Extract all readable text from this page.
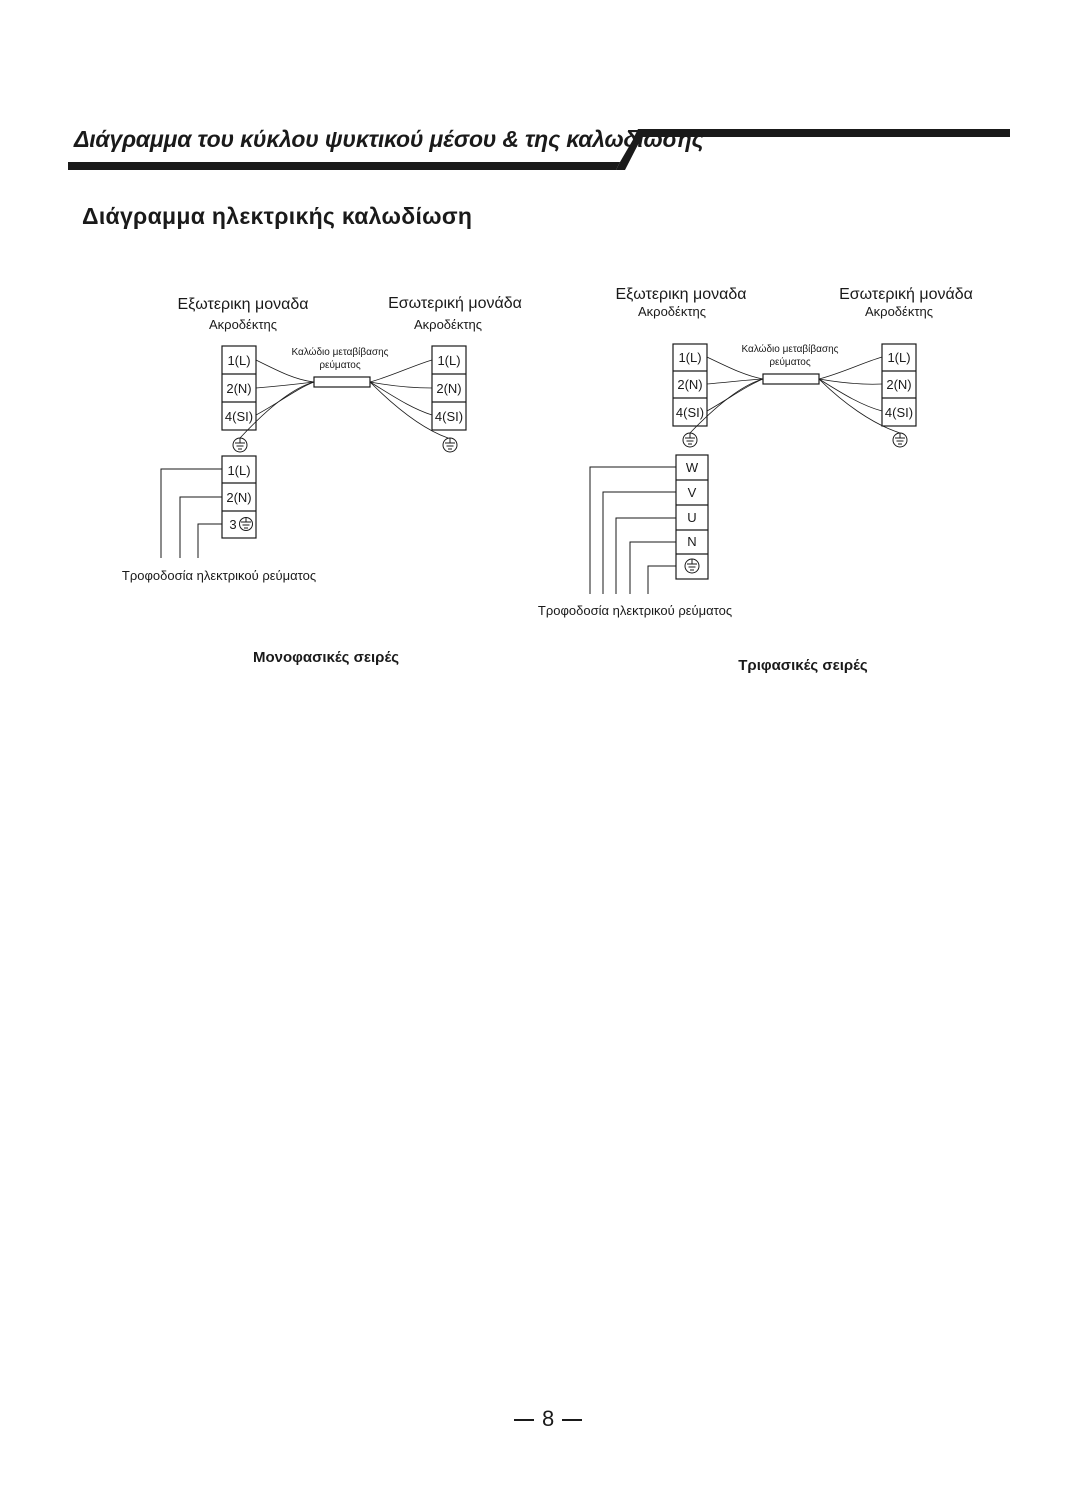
Διάγραμμα του κύκλου ψυκτικού μέσου & της καλωδίωσης
Διάγραμμα ηλεκτρικής καλωδίωση
Εξωτερικη μοναδα
Ακροδέκτης
Εσωτερική μονάδα
Ακροδέκτης
1(L)
2(N)
4(SI)
1(L)
2(N)
4(SI)
Καλώδιο μεταβίβασης
ρεύματος
1(L)
2(N)
3
Τροφοδοσία ηλεκτρικού ρεύματος
Μονοφασικές σειρές
Εξωτερικη μοναδα
Ακροδέκτης
Εσωτερική μονάδα
Ακροδέκτης
1(L)
2(N)
4(SI)
1(L)
2(N)
4(SI)
Καλώδιο μεταβίβασης
ρεύματος
W
V
U
N
Τροφοδοσία ηλεκτρικού ρεύματος
Τριφασικές σειρές
8
